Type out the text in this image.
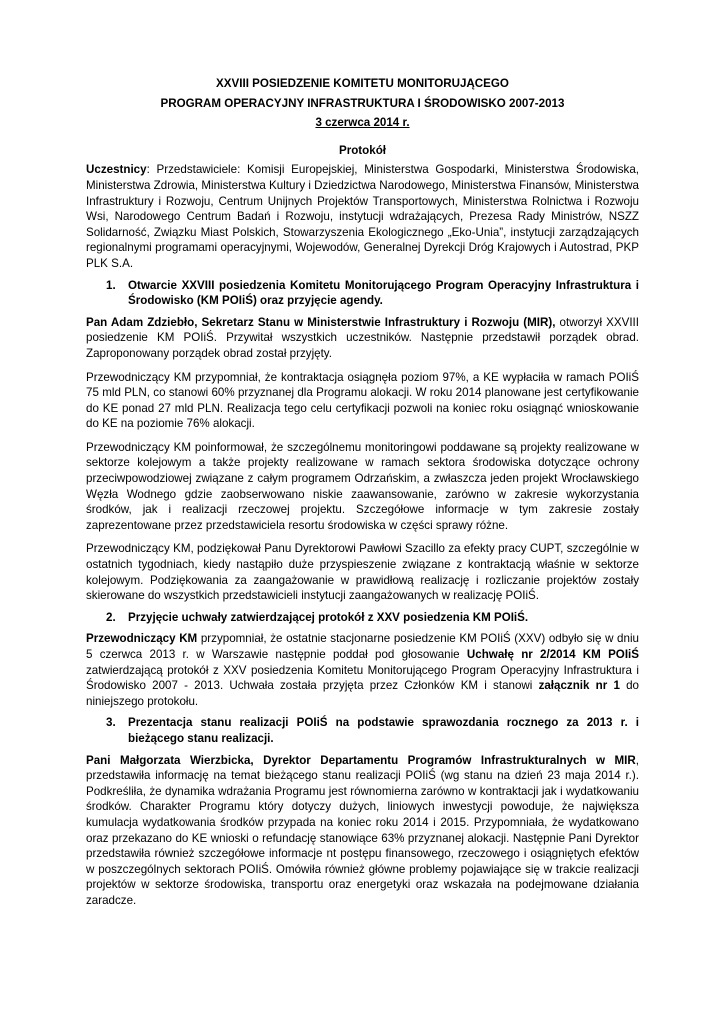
XXVIII POSIEDZENIE KOMITETU MONITORUJĄCEGO

PROGRAM OPERACYJNY INFRASTRUKTURA I ŚRODOWISKO 2007-2013

3 czerwca 2014 r.

Protokół

Uczestnicy: Przedstawiciele: Komisji Europejskiej, Ministerstwa Gospodarki, Ministerstwa Środowiska, Ministerstwa Zdrowia, Ministerstwa Kultury i Dziedzictwa Narodowego, Ministerstwa Finansów, Ministerstwa Infrastruktury i Rozwoju, Centrum Unijnych Projektów Transportowych, Ministerstwa Rolnictwa i Rozwoju Wsi, Narodowego Centrum Badań i Rozwoju, instytucji wdrażających, Prezesa Rady Ministrów, NSZZ Solidarność, Związku Miast Polskich, Stowarzyszenia Ekologicznego „Eko-Unia”, instytucji zarządzających regionalnymi programami operacyjnymi, Wojewodów, Generalnej Dyrekcji Dróg Krajowych i Autostrad, PKP PLK S.A.

1.	Otwarcie XXVIII posiedzenia Komitetu Monitorującego Program Operacyjny Infrastruktura i Środowisko (KM POIiŚ) oraz przyjęcie agendy.

Pan Adam Zdziebło, Sekretarz Stanu w Ministerstwie Infrastruktury i Rozwoju (MIR), otworzył XXVIII posiedzenie KM POIiŚ. Przywitał wszystkich uczestników. Następnie przedstawił porządek obrad. Zaproponowany porządek obrad został przyjęty.

Przewodniczący KM przypomniał, że kontraktacja osiągnęła poziom 97%, a KE wypłaciła w ramach POIiŚ 75 mld PLN, co stanowi 60% przyznanej dla Programu alokacji. W roku 2014 planowane jest certyfikowanie do KE ponad 27 mld PLN. Realizacja tego celu certyfikacji pozwoli na koniec roku osiągnąć wnioskowanie do KE na poziomie 76% alokacji.

Przewodniczący KM poinformował, że szczególnemu monitoringowi poddawane są projekty realizowane w sektorze kolejowym a także projekty realizowane w ramach sektora środowiska dotyczące ochrony przeciwpowodziowej związane z całym programem Odrzańskim, a zwłaszcza jeden projekt Wrocławskiego Węzła Wodnego gdzie zaobserwowano niskie zaawansowanie, zarówno w zakresie wykorzystania środków, jak i realizacji rzeczowej projektu. Szczegółowe informacje w tym zakresie zostały zaprezentowane przez przedstawiciela resortu środowiska w części sprawy różne.

Przewodniczący KM, podziękował Panu Dyrektorowi Pawłowi Szacillo za efekty pracy CUPT, szczególnie w ostatnich tygodniach, kiedy nastąpiło duże przyspieszenie związane z kontraktacją właśnie w sektorze kolejowym. Podziękowania za zaangażowanie w prawidłową realizację i rozliczanie projektów zostały skierowane do wszystkich przedstawicieli instytucji zaangażowanych w realizację POIiŚ.

2.	Przyjęcie uchwały zatwierdzającej protokół z XXV posiedzenia KM POIiŚ.

Przewodniczący KM przypomniał, że ostatnie stacjonarne posiedzenie KM POIiŚ (XXV) odbyło się w dniu 5 czerwca 2013 r. w Warszawie następnie poddał pod głosowanie Uchwałę nr 2/2014 KM POIiŚ zatwierdzającą protokół z XXV posiedzenia Komitetu Monitorującego Program Operacyjny Infrastruktura i Środowisko 2007 - 2013. Uchwała została przyjęta przez Członków KM i stanowi załącznik nr 1 do niniejszego protokołu.

3.	Prezentacja stanu realizacji POIiŚ na podstawie sprawozdania rocznego za 2013 r. i bieżącego stanu realizacji.

Pani Małgorzata Wierzbicka, Dyrektor Departamentu Programów Infrastrukturalnych w MIR, przedstawiła informację na temat bieżącego stanu realizacji POIiŚ (wg stanu na dzień 23 maja 2014 r.). Podkreśliła, że dynamika wdrażania Programu jest równomierna zarówno w kontraktacji jak i wydatkowaniu środków. Charakter Programu który dotyczy dużych, liniowych inwestycji powoduje, że największa kumulacja wydatkowania środków przypada na koniec roku 2014 i 2015. Przypomniała, że wydatkowano oraz przekazano do KE wnioski o refundację stanowiące 63% przyznanej alokacji. Następnie Pani Dyrektor przedstawiła również szczegółowe informacje nt postępu finansowego, rzeczowego i osiągniętych efektów w poszczególnych sektorach POIiŚ. Omówiła również główne problemy pojawiające się w trakcie realizacji projektów w sektorze środowiska, transportu oraz energetyki oraz wskazała na podejmowane działania zaradcze.
